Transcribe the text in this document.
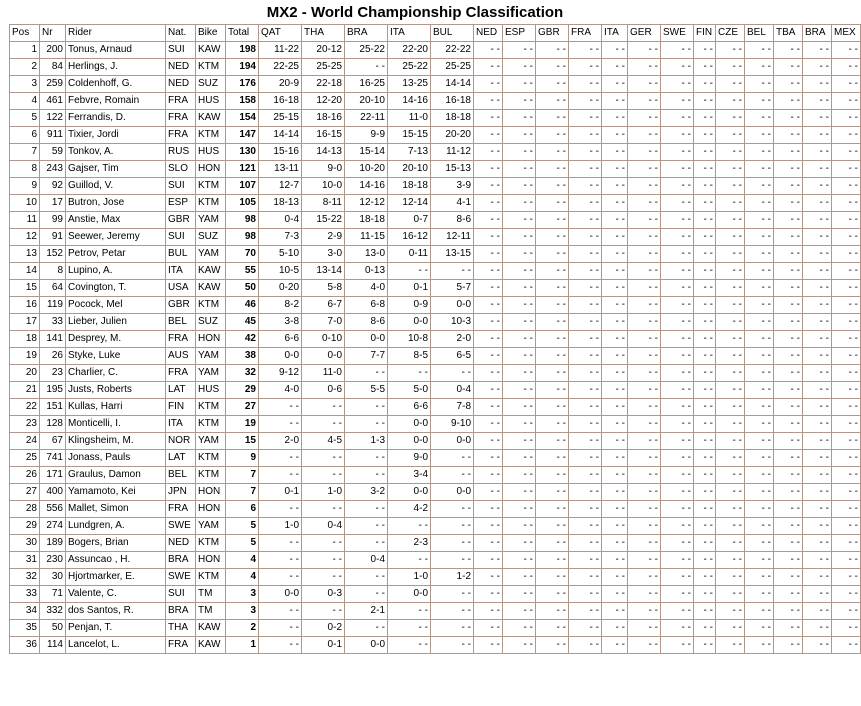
MX2 - World Championship Classification
Pos	Nr	Rider	Nat.	Bike	Total	QAT	THA	BRA	ITA	BUL	NED	ESP	GBR	FRA	ITA	GER	SWE	FIN	CZE	BEL	TBA	BRA	MEX
1	200	Tonus, Arnaud	SUI	KAW	198	11-22	20-12	25-22	22-20	22-22	- -	- -	- -	- -	- -	- -	- -	- -	- -	- -	- -	- -	- -
2	84	Herlings, J.	NED	KTM	194	22-25	25-25	- -	25-22	25-25	- -	- -	- -	- -	- -	- -	- -	- -	- -	- -	- -	- -	- -
3	259	Coldenhoff, G.	NED	SUZ	176	20-9	22-18	16-25	13-25	14-14	- -	- -	- -	- -	- -	- -	- -	- -	- -	- -	- -	- -	- -
4	461	Febvre, Romain	FRA	HUS	158	16-18	12-20	20-10	14-16	16-18	- -	- -	- -	- -	- -	- -	- -	- -	- -	- -	- -	- -	- -
5	122	Ferrandis, D.	FRA	KAW	154	25-15	18-16	22-11	11-0	18-18	- -	- -	- -	- -	- -	- -	- -	- -	- -	- -	- -	- -	- -
6	911	Tixier, Jordi	FRA	KTM	147	14-14	16-15	9-9	15-15	20-20	- -	- -	- -	- -	- -	- -	- -	- -	- -	- -	- -	- -	- -
7	59	Tonkov, A.	RUS	HUS	130	15-16	14-13	15-14	7-13	11-12	- -	- -	- -	- -	- -	- -	- -	- -	- -	- -	- -	- -	- -
8	243	Gajser, Tim	SLO	HON	121	13-11	9-0	10-20	20-10	15-13	- -	- -	- -	- -	- -	- -	- -	- -	- -	- -	- -	- -	- -
9	92	Guillod, V.	SUI	KTM	107	12-7	10-0	14-16	18-18	3-9	- -	- -	- -	- -	- -	- -	- -	- -	- -	- -	- -	- -	- -
10	17	Butron, Jose	ESP	KTM	105	18-13	8-11	12-12	12-14	4-1	- -	- -	- -	- -	- -	- -	- -	- -	- -	- -	- -	- -	- -
11	99	Anstie, Max	GBR	YAM	98	0-4	15-22	18-18	0-7	8-6	- -	- -	- -	- -	- -	- -	- -	- -	- -	- -	- -	- -	- -
12	91	Seewer, Jeremy	SUI	SUZ	98	7-3	2-9	11-15	16-12	12-11	- -	- -	- -	- -	- -	- -	- -	- -	- -	- -	- -	- -	- -
13	152	Petrov, Petar	BUL	YAM	70	5-10	3-0	13-0	0-11	13-15	- -	- -	- -	- -	- -	- -	- -	- -	- -	- -	- -	- -	- -
14	8	Lupino, A.	ITA	KAW	55	10-5	13-14	0-13	- -	- -	- -	- -	- -	- -	- -	- -	- -	- -	- -	- -	- -	- -	- -
15	64	Covington, T.	USA	KAW	50	0-20	5-8	4-0	0-1	5-7	- -	- -	- -	- -	- -	- -	- -	- -	- -	- -	- -	- -	- -
16	119	Pocock, Mel	GBR	KTM	46	8-2	6-7	6-8	0-9	0-0	- -	- -	- -	- -	- -	- -	- -	- -	- -	- -	- -	- -	- -
17	33	Lieber, Julien	BEL	SUZ	45	3-8	7-0	8-6	0-0	10-3	- -	- -	- -	- -	- -	- -	- -	- -	- -	- -	- -	- -	- -
18	141	Desprey, M.	FRA	HON	42	6-6	0-10	0-0	10-8	2-0	- -	- -	- -	- -	- -	- -	- -	- -	- -	- -	- -	- -	- -
19	26	Styke, Luke	AUS	YAM	38	0-0	0-0	7-7	8-5	6-5	- -	- -	- -	- -	- -	- -	- -	- -	- -	- -	- -	- -	- -
20	23	Charlier, C.	FRA	YAM	32	9-12	11-0	- -	- -	- -	- -	- -	- -	- -	- -	- -	- -	- -	- -	- -	- -	- -	- -
21	195	Justs, Roberts	LAT	HUS	29	4-0	0-6	5-5	5-0	0-4	- -	- -	- -	- -	- -	- -	- -	- -	- -	- -	- -	- -	- -
22	151	Kullas, Harri	FIN	KTM	27	- -	- -	- -	6-6	7-8	- -	- -	- -	- -	- -	- -	- -	- -	- -	- -	- -	- -	- -
23	128	Monticelli, I.	ITA	KTM	19	- -	- -	- -	0-0	9-10	- -	- -	- -	- -	- -	- -	- -	- -	- -	- -	- -	- -	- -
24	67	Klingsheim, M.	NOR	YAM	15	2-0	4-5	1-3	0-0	0-0	- -	- -	- -	- -	- -	- -	- -	- -	- -	- -	- -	- -	- -
25	741	Jonass, Pauls	LAT	KTM	9	- -	- -	- -	9-0	- -	- -	- -	- -	- -	- -	- -	- -	- -	- -	- -	- -	- -	- -
26	171	Graulus, Damon	BEL	KTM	7	- -	- -	- -	3-4	- -	- -	- -	- -	- -	- -	- -	- -	- -	- -	- -	- -	- -	- -
27	400	Yamamoto, Kei	JPN	HON	7	0-1	1-0	3-2	0-0	0-0	- -	- -	- -	- -	- -	- -	- -	- -	- -	- -	- -	- -	- -
28	556	Mallet, Simon	FRA	HON	6	- -	- -	- -	4-2	- -	- -	- -	- -	- -	- -	- -	- -	- -	- -	- -	- -	- -	- -
29	274	Lundgren, A.	SWE	YAM	5	1-0	0-4	- -	- -	- -	- -	- -	- -	- -	- -	- -	- -	- -	- -	- -	- -	- -	- -
30	189	Bogers, Brian	NED	KTM	5	- -	- -	- -	2-3	- -	- -	- -	- -	- -	- -	- -	- -	- -	- -	- -	- -	- -	- -
31	230	Assuncao , H.	BRA	HON	4	- -	- -	0-4	- -	- -	- -	- -	- -	- -	- -	- -	- -	- -	- -	- -	- -	- -	- -
32	30	Hjortmarker, E.	SWE	KTM	4	- -	- -	- -	1-0	1-2	- -	- -	- -	- -	- -	- -	- -	- -	- -	- -	- -	- -	- -
33	71	Valente, C.	SUI	TM	3	0-0	0-3	- -	0-0	- -	- -	- -	- -	- -	- -	- -	- -	- -	- -	- -	- -	- -	- -
34	332	dos Santos, R.	BRA	TM	3	- -	- -	2-1	- -	- -	- -	- -	- -	- -	- -	- -	- -	- -	- -	- -	- -	- -	- -
35	50	Penjan, T.	THA	KAW	2	- -	0-2	- -	- -	- -	- -	- -	- -	- -	- -	- -	- -	- -	- -	- -	- -	- -	- -
36	114	Lancelot, L.	FRA	KAW	1	- -	0-1	0-0	- -	- -	- -	- -	- -	- -	- -	- -	- -	- -	- -	- -	- -	- -	- -
